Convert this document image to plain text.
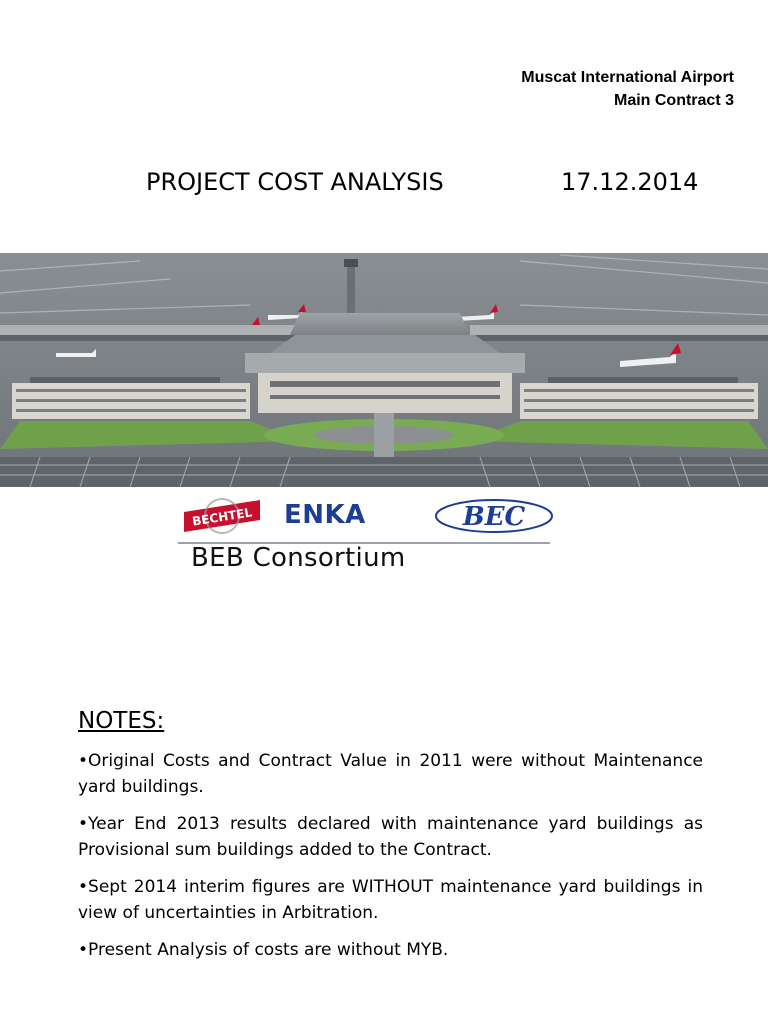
Muscat International Airport
Main Contract 3
PROJECT COST ANALYSIS	17.12.2014
BECHTEL ENKA	BEC
BEB Consortium
NOTES:

•Original Costs and Contract Value in 2011 were without Maintenance yard buildings.

•Year End 2013 results declared with maintenance yard buildings as Provisional sum buildings added to the Contract.

•Sept 2014 interim figures are WITHOUT maintenance yard buildings in view of uncertainties in Arbitration.

•Present Analysis of costs are without MYB.
